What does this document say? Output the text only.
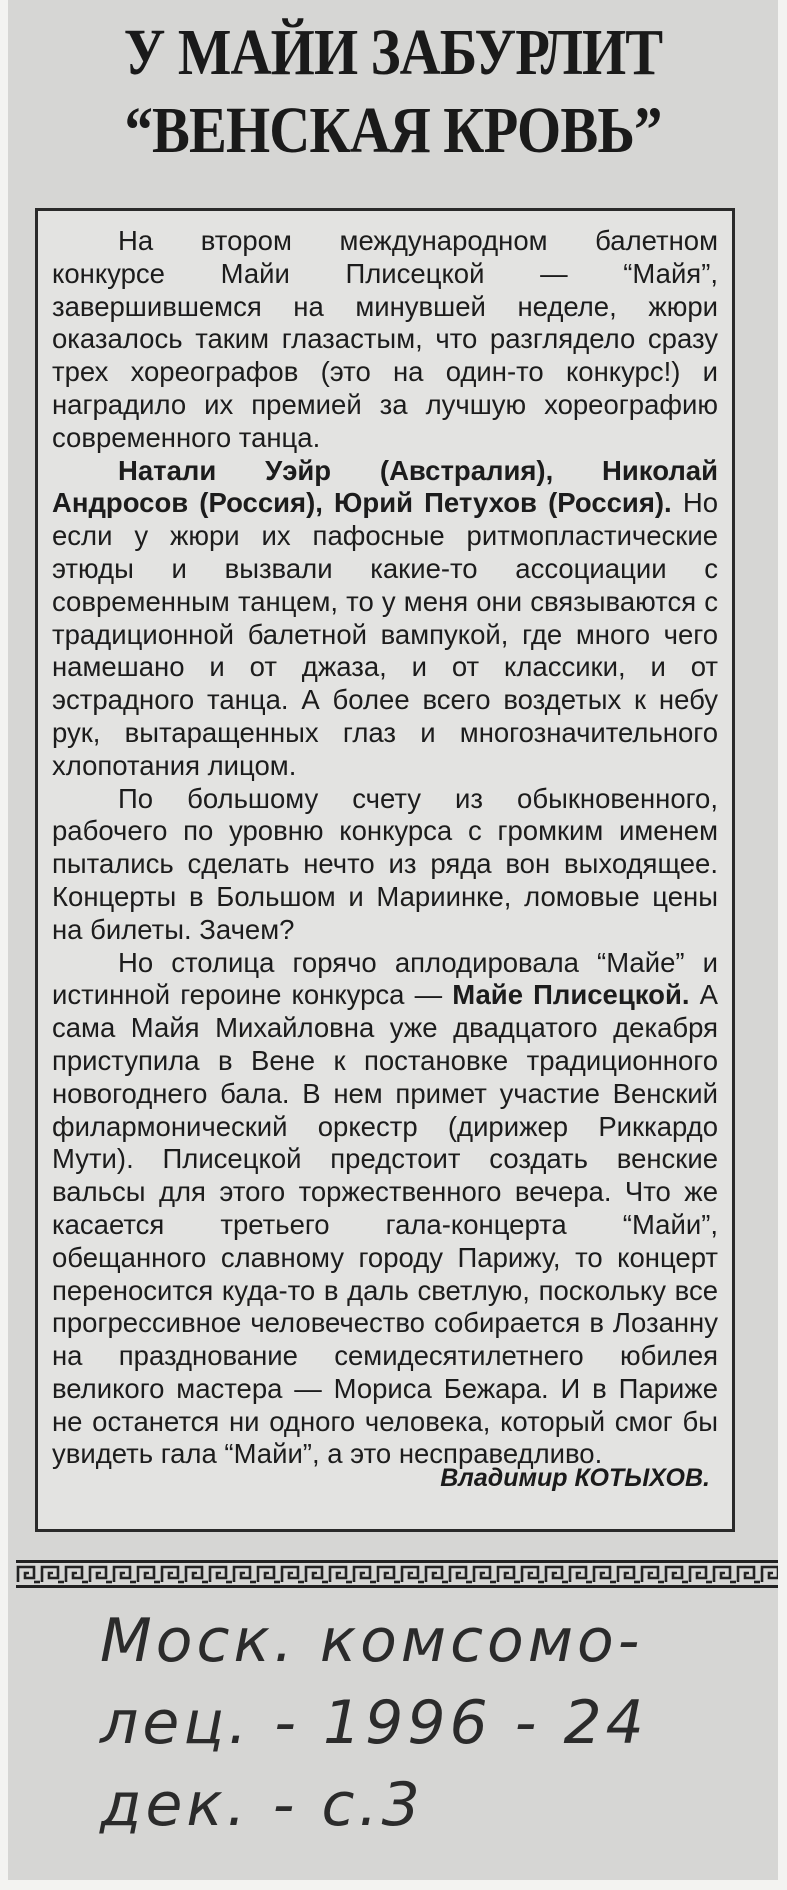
У МАЙИ ЗАБУРЛИТ
“ВЕНСКАЯ КРОВЬ”

На втором международном балетном конкурсе Майи Плисецкой — “Майя”, завершившемся на минувшей неделе, жюри оказалось таким глазастым, что разглядело сразу трех хореографов (это на один-то конкурс!) и наградило их премией за лучшую хореографию современного танца.

Натали Уэйр (Австралия), Николай Андросов (Россия), Юрий Петухов (Россия). Но если у жюри их пафосные ритмопластические этюды и вызвали какие-то ассоциации с современным танцем, то у меня они связываются с традиционной балетной вампукой, где много чего намешано и от джаза, и от классики, и от эстрадного танца. А более всего воздетых к небу рук, вытаращенных глаз и многозначительного хлопотания лицом.

По большому счету из обыкновенного, рабочего по уровню конкурса с громким именем пытались сделать нечто из ряда вон выходящее. Концерты в Большом и Мариинке, ломовые цены на билеты. Зачем?

Но столица горячо аплодировала “Майе” и истинной героине конкурса — Майе Плисецкой. А сама Майя Михайловна уже двадцатого декабря приступила в Вене к постановке традиционного новогоднего бала. В нем примет участие Венский филармонический оркестр (дирижер Риккардо Мути). Плисецкой предстоит создать венские вальсы для этого торжественного вечера. Что же касается третьего гала-концерта “Майи”, обещанного славному городу Парижу, то концерт переносится куда-то в даль светлую, поскольку все прогрессивное человечество собирается в Лозанну на празднование семидесятилетнего юбилея великого мастера — Мориса Бежара. И в Париже не останется ни одного человека, который смог бы увидеть гала “Майи”, а это несправедливо.

Владимир КОТЫХОВ.
Моск. комсомо-
лец. - 1996 - 24
дек. - с.3
